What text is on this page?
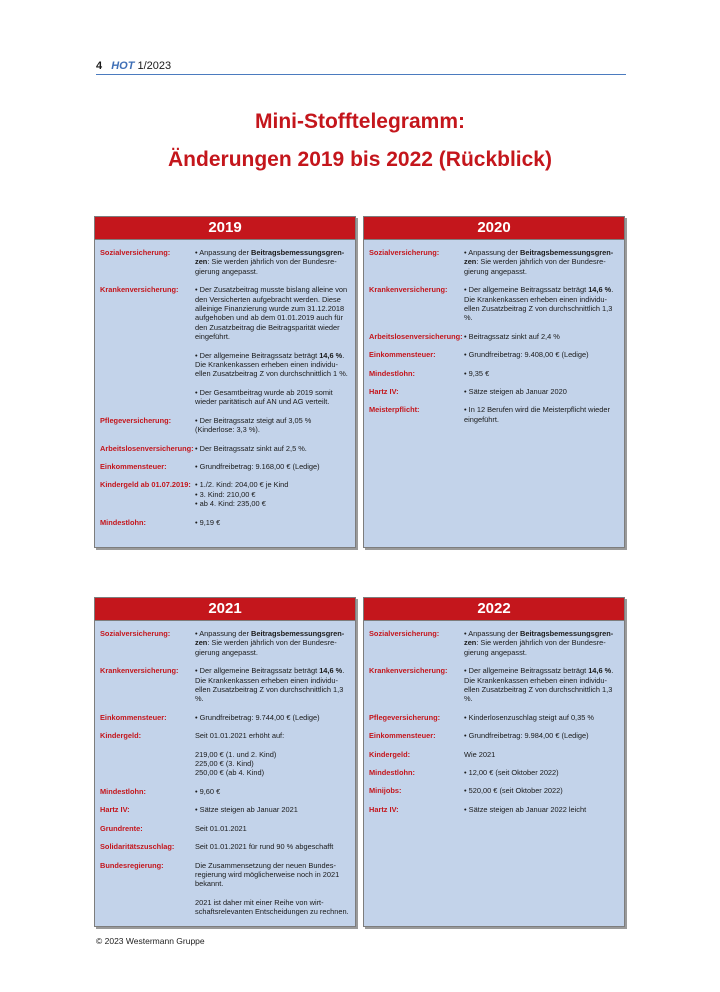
4 HOT 1/2023
Mini-Stofftelegramm:
Änderungen 2019 bis 2022 (Rückblick)
2019
Sozialversicherung:	• Anpassung der Beitragsbemessungsgren- zen: Sie werden jährlich von der Bundesre- gierung angepasst.

Krankenversicherung:	• Der Zusatzbeitrag musste bislang alleine von den Versicherten aufgebracht werden. Diese alleinige Finanzierung wurde zum 31.12.2018 aufgehoben und ab dem 01.01.2019 auch für den Zusatzbeitrag die Beitragsparität wieder eingeführt.

• Der allgemeine Beitragssatz beträgt 14,6 %. Die Krankenkassen erheben einen individu- ellen Zusatzbeitrag Z von durchschnittlich 1 %.

• Der Gesamtbeitrag wurde ab 2019 somit wieder paritätisch auf AN und AG verteilt.

Pflegeversicherung:	• Der Beitragssatz steigt auf 3,05 % (Kinderlose: 3,3 %).

Arbeitslosenversicherung: • Der Beitragssatz sinkt auf 2,5 %.

Einkommensteuer:	• Grundfreibetrag: 9.168,00 € (Ledige)

Kindergeld ab 01.07.2019: • 1./2. Kind: 204,00 € je Kind
• 3. Kind: 210,00 €
• ab 4. Kind: 235,00 €

Mindestlohn:	• 9,19 €

2020
Sozialversicherung:	• Anpassung der Beitragsbemessungsgren- zen: Sie werden jährlich von der Bundesre- gierung angepasst.

Krankenversicherung:	• Der allgemeine Beitragssatz beträgt 14,6 %. Die Krankenkassen erheben einen individu- ellen Zusatzbeitrag Z von durchschnittlich 1,3 %.

Arbeitslosenversicherung: • Beitragssatz sinkt auf 2,4 %

Einkommensteuer:	• Grundfreibetrag: 9.408,00 € (Ledige)

Mindestlohn:	• 9,35 €

Hartz IV:	• Sätze steigen ab Januar 2020

Meisterpflicht:	• In 12 Berufen wird die Meisterpflicht wieder eingeführt.

2021
Sozialversicherung:	• Anpassung der Beitragsbemessungsgren- zen: Sie werden jährlich von der Bundesre- gierung angepasst.

Krankenversicherung:	• Der allgemeine Beitragssatz beträgt 14,6 %. Die Krankenkassen erheben einen individu- ellen Zusatzbeitrag Z von durchschnittlich 1,3 %.

Einkommensteuer:	• Grundfreibetrag: 9.744,00 € (Ledige)

Kindergeld:	Seit 01.01.2021 erhöht auf:

219,00 € (1. und 2. Kind)
225,00 € (3. Kind)
250,00 € (ab 4. Kind)

Mindestlohn:	• 9,60 €

Hartz IV:	• Sätze steigen ab Januar 2021

Grundrente:	Seit 01.01.2021

Solidaritätszuschlag:	Seit 01.01.2021 für rund 90 % abgeschafft

Bundesregierung:	Die Zusammensetzung der neuen Bundes- regierung wird möglicherweise noch in 2021 bekannt.

2021 ist daher mit einer Reihe von wirt- schaftsrelevanten Entscheidungen zu rechnen.

2022
Sozialversicherung:	• Anpassung der Beitragsbemessungsgren- zen: Sie werden jährlich von der Bundesre- gierung angepasst.

Krankenversicherung:	• Der allgemeine Beitragssatz beträgt 14,6 %. Die Krankenkassen erheben einen individu- ellen Zusatzbeitrag Z von durchschnittlich 1,3 %.

Pflegeversicherung:	• Kinderlosenzuschlag steigt auf 0,35 %

Einkommensteuer:	• Grundfreibetrag: 9.984,00 € (Ledige)

Kindergeld:	Wie 2021

Mindestlohn:	• 12,00 € (seit Oktober 2022)

Minijobs:	• 520,00 € (seit Oktober 2022)

Hartz IV:	• Sätze steigen ab Januar 2022 leicht

© 2023 Westermann Gruppe
